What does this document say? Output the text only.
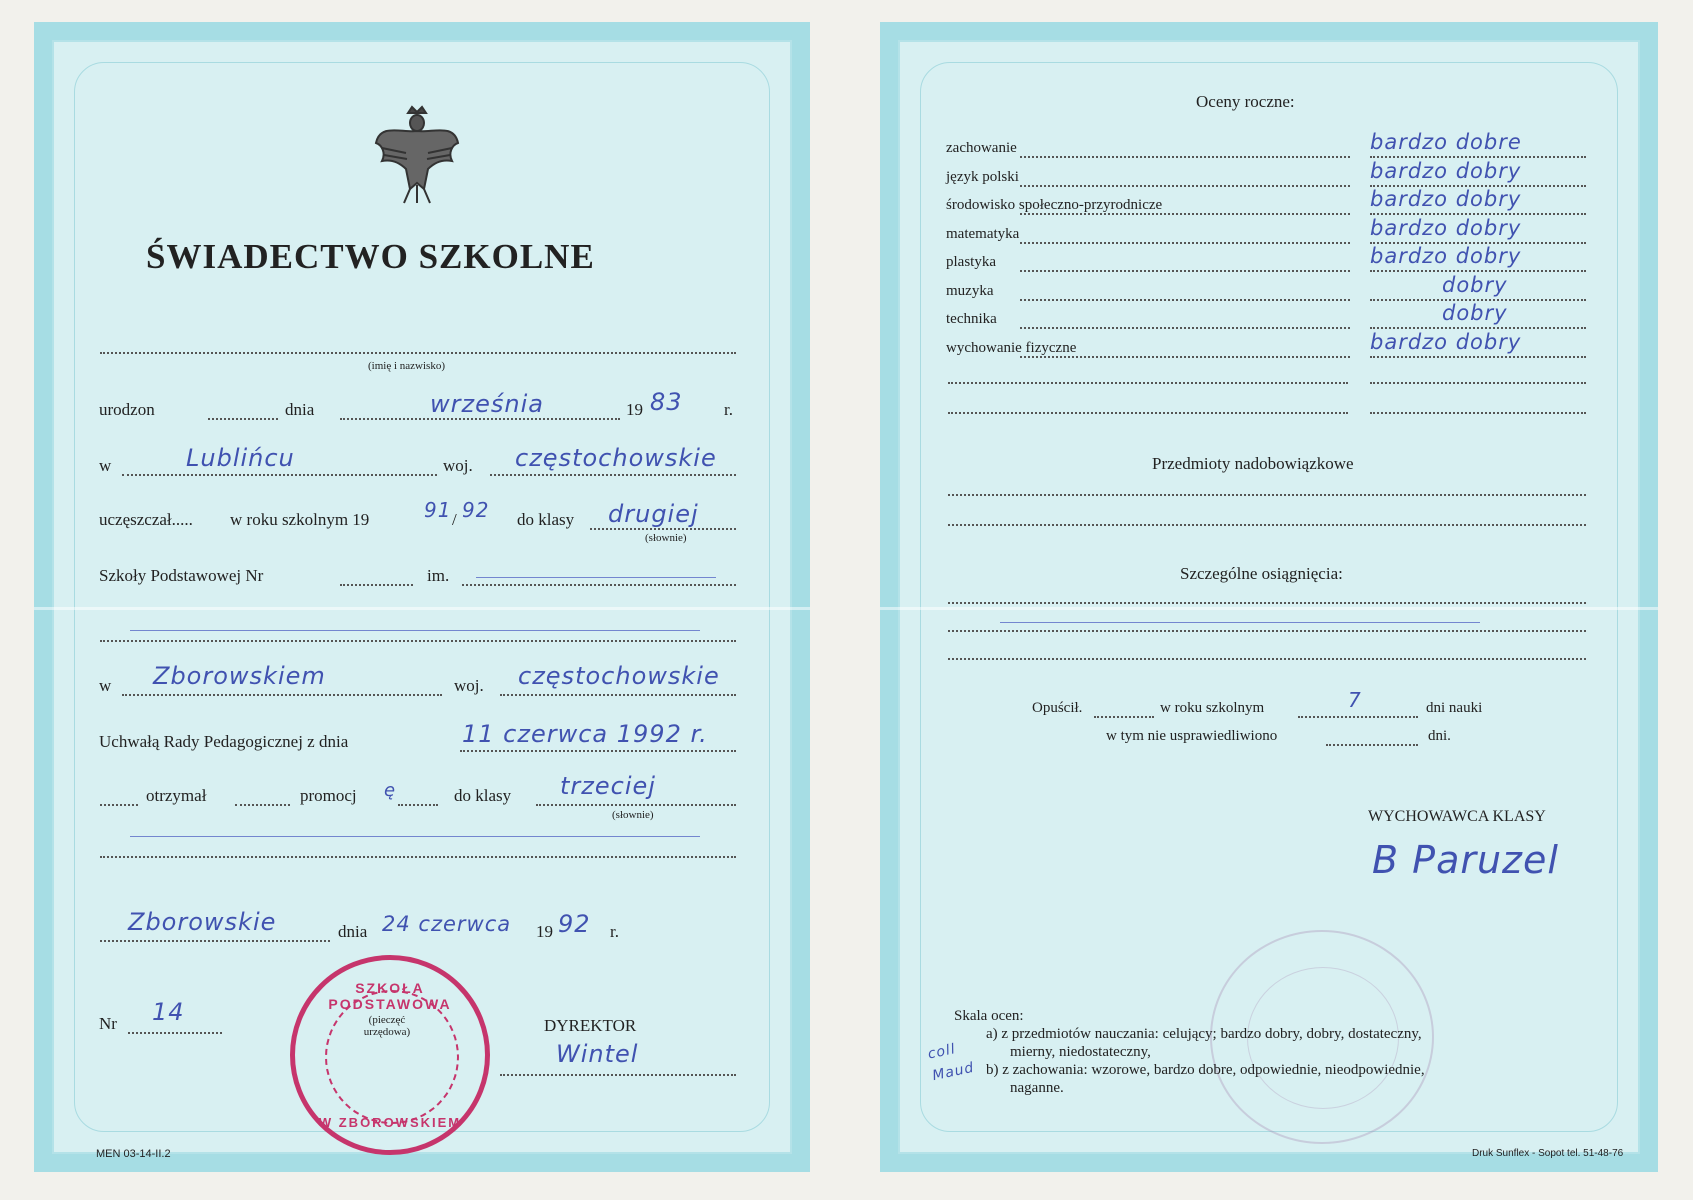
ŚWIADECTWO SZKOLNE
(imię i nazwisko)
urodzon	dnia	września	19 83 r.
w	Lublińcu	woj. częstochowskie
uczęszczał..... w roku szkolnym 19	91 / 92 do klasy drugiej
(słownie)
Szkoły Podstawowej Nr	im.
w Zborowskiem	woj. częstochowskie
Uchwałą Rady Pedagogicznej z dnia	11 czerwca 1992 r.
otrzymał	promocj ę	do klasy trzeciej
(słownie)
Zborowskie	dnia 24 czerwca 19 92 r.
Nr 14
SZKOŁA PODSTAWOWA
W ZBOROWSKIEM
(pieczęć urzędowa)	DYREKTOR
Wintel
MEN 03-14-II.2
Oceny roczne:
zachowanie	bardzo dobre
język polski	bardzo dobry
środowisko społeczno-przyrodnicze	bardzo dobry
matematyka	bardzo dobry
plastyka	bardzo dobry
muzyka	dobry
technika	dobry
wychowanie fizyczne	bardzo dobry
Przedmioty nadobowiązkowe
Szczególne osiągnięcia:
Opuścił.	w roku szkolnym	7	dni nauki
w tym nie usprawiedliwiono	dni.
WYCHOWAWCA KLASY
B Paruzel
Skala ocen:
a) z przedmiotów nauczania: celujący; bardzo dobry, dobry, dostateczny,
mierny, niedostateczny,
b) z zachowania: wzorowe, bardzo dobre, odpowiednie, nieodpowiednie,
naganne.
coll Maud
Druk Sunflex - Sopot tel. 51-48-76
